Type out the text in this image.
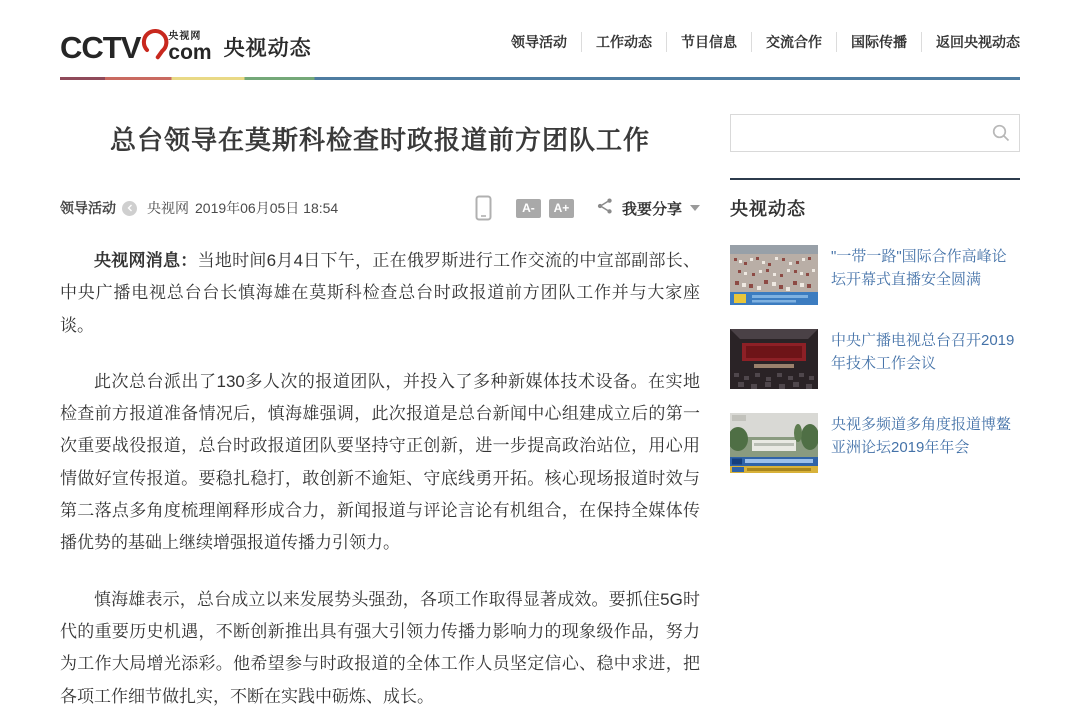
CCTV	央视网
com 央视动态	领导活动	工作动态	节目信息	交流合作	国际传播	返回央视动态
总台领导在莫斯科检查时政报道前方团队工作
领导活动 央视网 2019年06月05日 18:54	A-	A+	我要分享

央视网消息：当地时间6月4日下午，正在俄罗斯进行工作交流的中宣部副部长、中央广播电视总台台长慎海雄在莫斯科检查总台时政报道前方团队工作并与大家座谈。

此次总台派出了130多人次的报道团队，并投入了多种新媒体技术设备。在实地检查前方报道准备情况后，慎海雄强调，此次报道是总台新闻中心组建成立后的第一次重要战役报道，总台时政报道团队要坚持守正创新，进一步提高政治站位，用心用情做好宣传报道。要稳扎稳打，敢创新不逾矩、守底线勇开拓。核心现场报道时效与第二落点多角度梳理阐释形成合力，新闻报道与评论言论有机组合，在保持全媒体传播优势的基础上继续增强报道传播力引领力。

慎海雄表示，总台成立以来发展势头强劲，各项工作取得显著成效。要抓住5G时代的重要历史机遇，不断创新推出具有强大引领力传播力影响力的现象级作品，努力为工作大局增光添彩。他希望参与时政报道的全体工作人员坚定信心、稳中求进，把各项工作细节做扎实，不断在实践中砺炼、成长。

央视动态
"一带一路"国际合作高峰论坛开幕式直播安全圆满
中央广播电视总台召开2019年技术工作会议
央视多频道多角度报道博鳌亚洲论坛2019年年会
